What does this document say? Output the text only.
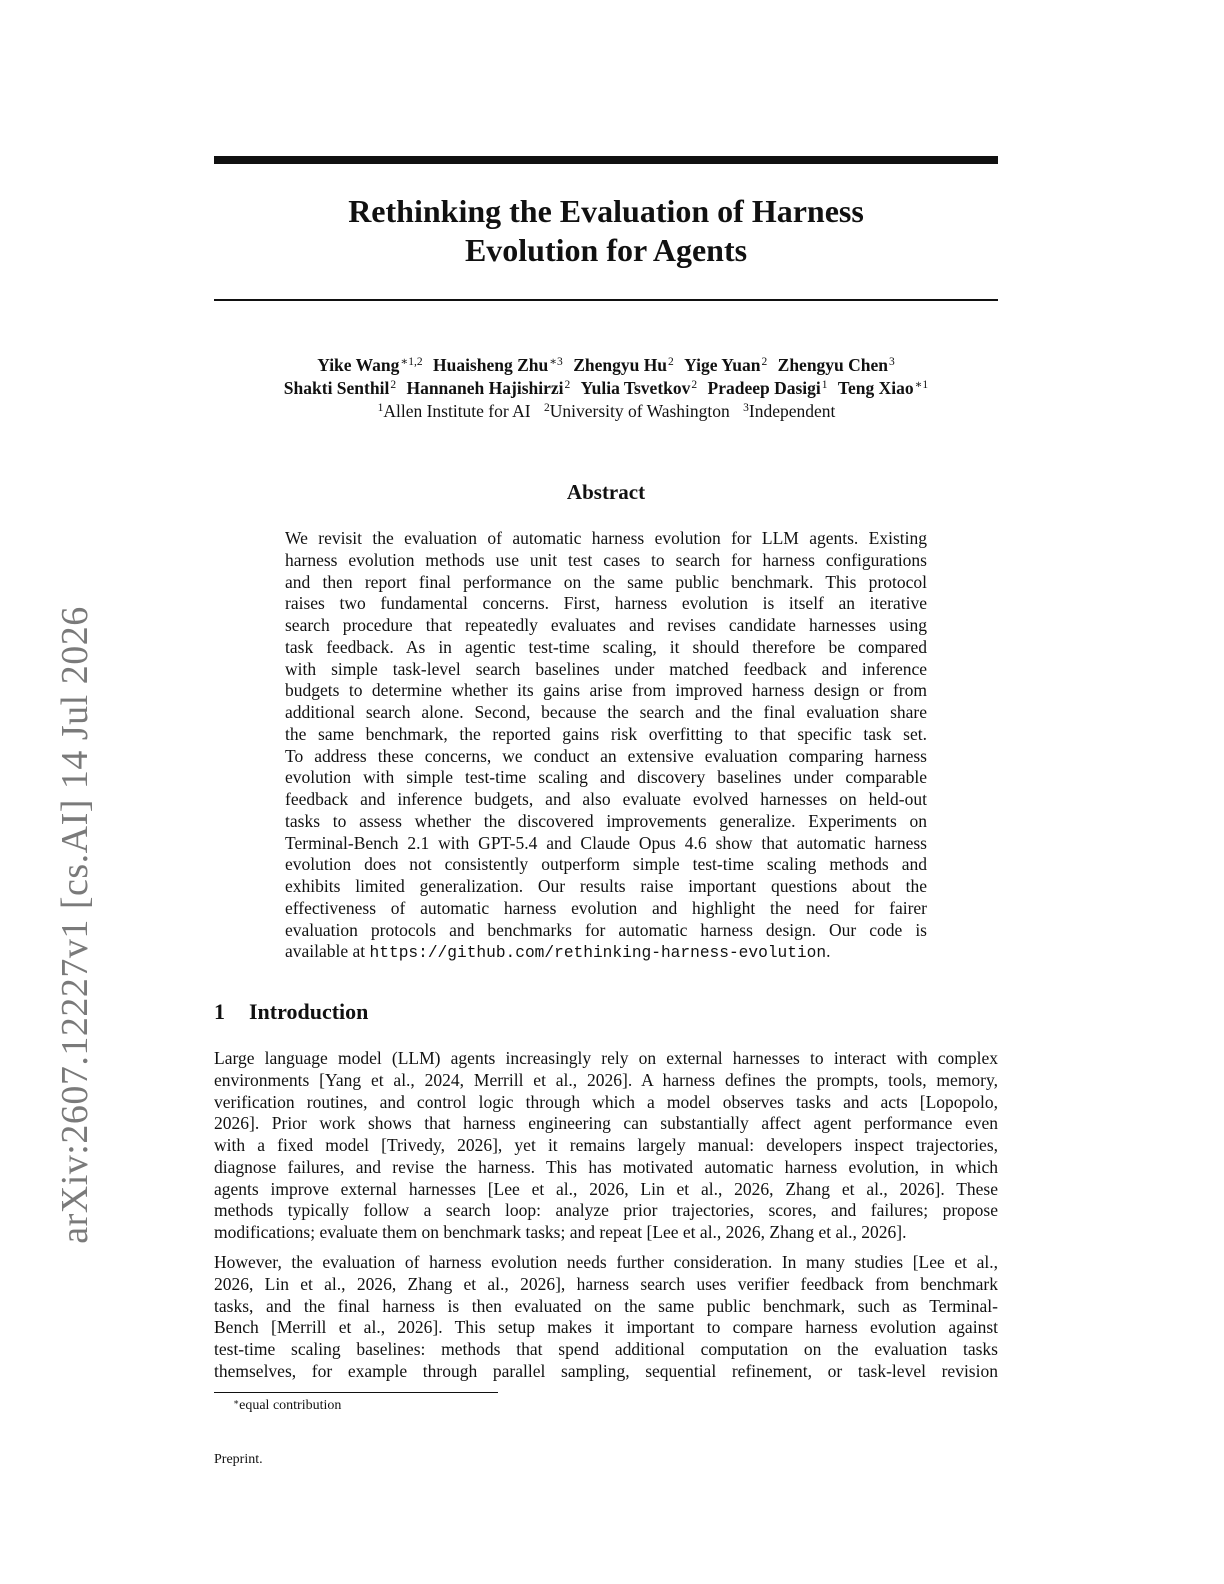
arXiv:2607.12227v1 [cs.AI] 14 Jul 2026
Rethinking the Evaluation of Harness
Evolution for Agents
Yike Wang$^{∗1,2}$ Huaisheng Zhu$^{∗3}$ Zhengyu Hu$^2$ Yige Yuan$^2$ Zhengyu Chen$^3$
Shakti Senthil$^2$ Hannaneh Hajishirzi$^2$ Yulia Tsvetkov$^2$ Pradeep Dasigi$^1$ Teng Xiao$^{∗1}$
$^1$Allen Institute for AI $^2$University of Washington $^3$Independent
Abstract
We revisit the evaluation of automatic harness evolution for LLM agents. Existing
harness evolution methods use unit test cases to search for harness configurations
and then report final performance on the same public benchmark. This protocol
raises two fundamental concerns. First, harness evolution is itself an iterative
search procedure that repeatedly evaluates and revises candidate harnesses using
task feedback. As in agentic test-time scaling, it should therefore be compared
with simple task-level search baselines under matched feedback and inference
budgets to determine whether its gains arise from improved harness design or from
additional search alone. Second, because the search and the final evaluation share
the same benchmark, the reported gains risk overfitting to that specific task set.
To address these concerns, we conduct an extensive evaluation comparing harness
evolution with simple test-time scaling and discovery baselines under comparable
feedback and inference budgets, and also evaluate evolved harnesses on held-out
tasks to assess whether the discovered improvements generalize. Experiments on
Terminal-Bench 2.1 with GPT-5.4 and Claude Opus 4.6 show that automatic harness
evolution does not consistently outperform simple test-time scaling methods and
exhibits limited generalization. Our results raise important questions about the
effectiveness of automatic harness evolution and highlight the need for fairer
evaluation protocols and benchmarks for automatic harness design. Our code is
available at https://github.com/rethinking-harness-evolution.
1 Introduction
Large language model (LLM) agents increasingly rely on external harnesses to interact with complex
environments [Yang et al., 2024, Merrill et al., 2026]. A harness defines the prompts, tools, memory,
verification routines, and control logic through which a model observes tasks and acts [Lopopolo,
2026]. Prior work shows that harness engineering can substantially affect agent performance even
with a fixed model [Trivedy, 2026], yet it remains largely manual: developers inspect trajectories,
diagnose failures, and revise the harness. This has motivated automatic harness evolution, in which
agents improve external harnesses [Lee et al., 2026, Lin et al., 2026, Zhang et al., 2026]. These
methods typically follow a search loop: analyze prior trajectories, scores, and failures; propose
modifications; evaluate them on benchmark tasks; and repeat [Lee et al., 2026, Zhang et al., 2026].
However, the evaluation of harness evolution needs further consideration. In many studies [Lee et al.,
2026, Lin et al., 2026, Zhang et al., 2026], harness search uses verifier feedback from benchmark
tasks, and the final harness is then evaluated on the same public benchmark, such as Terminal-
Bench [Merrill et al., 2026]. This setup makes it important to compare harness evolution against
test-time scaling baselines: methods that spend additional computation on the evaluation tasks
themselves, for example through parallel sampling, sequential refinement, or task-level revision
∗equal contribution
Preprint.
